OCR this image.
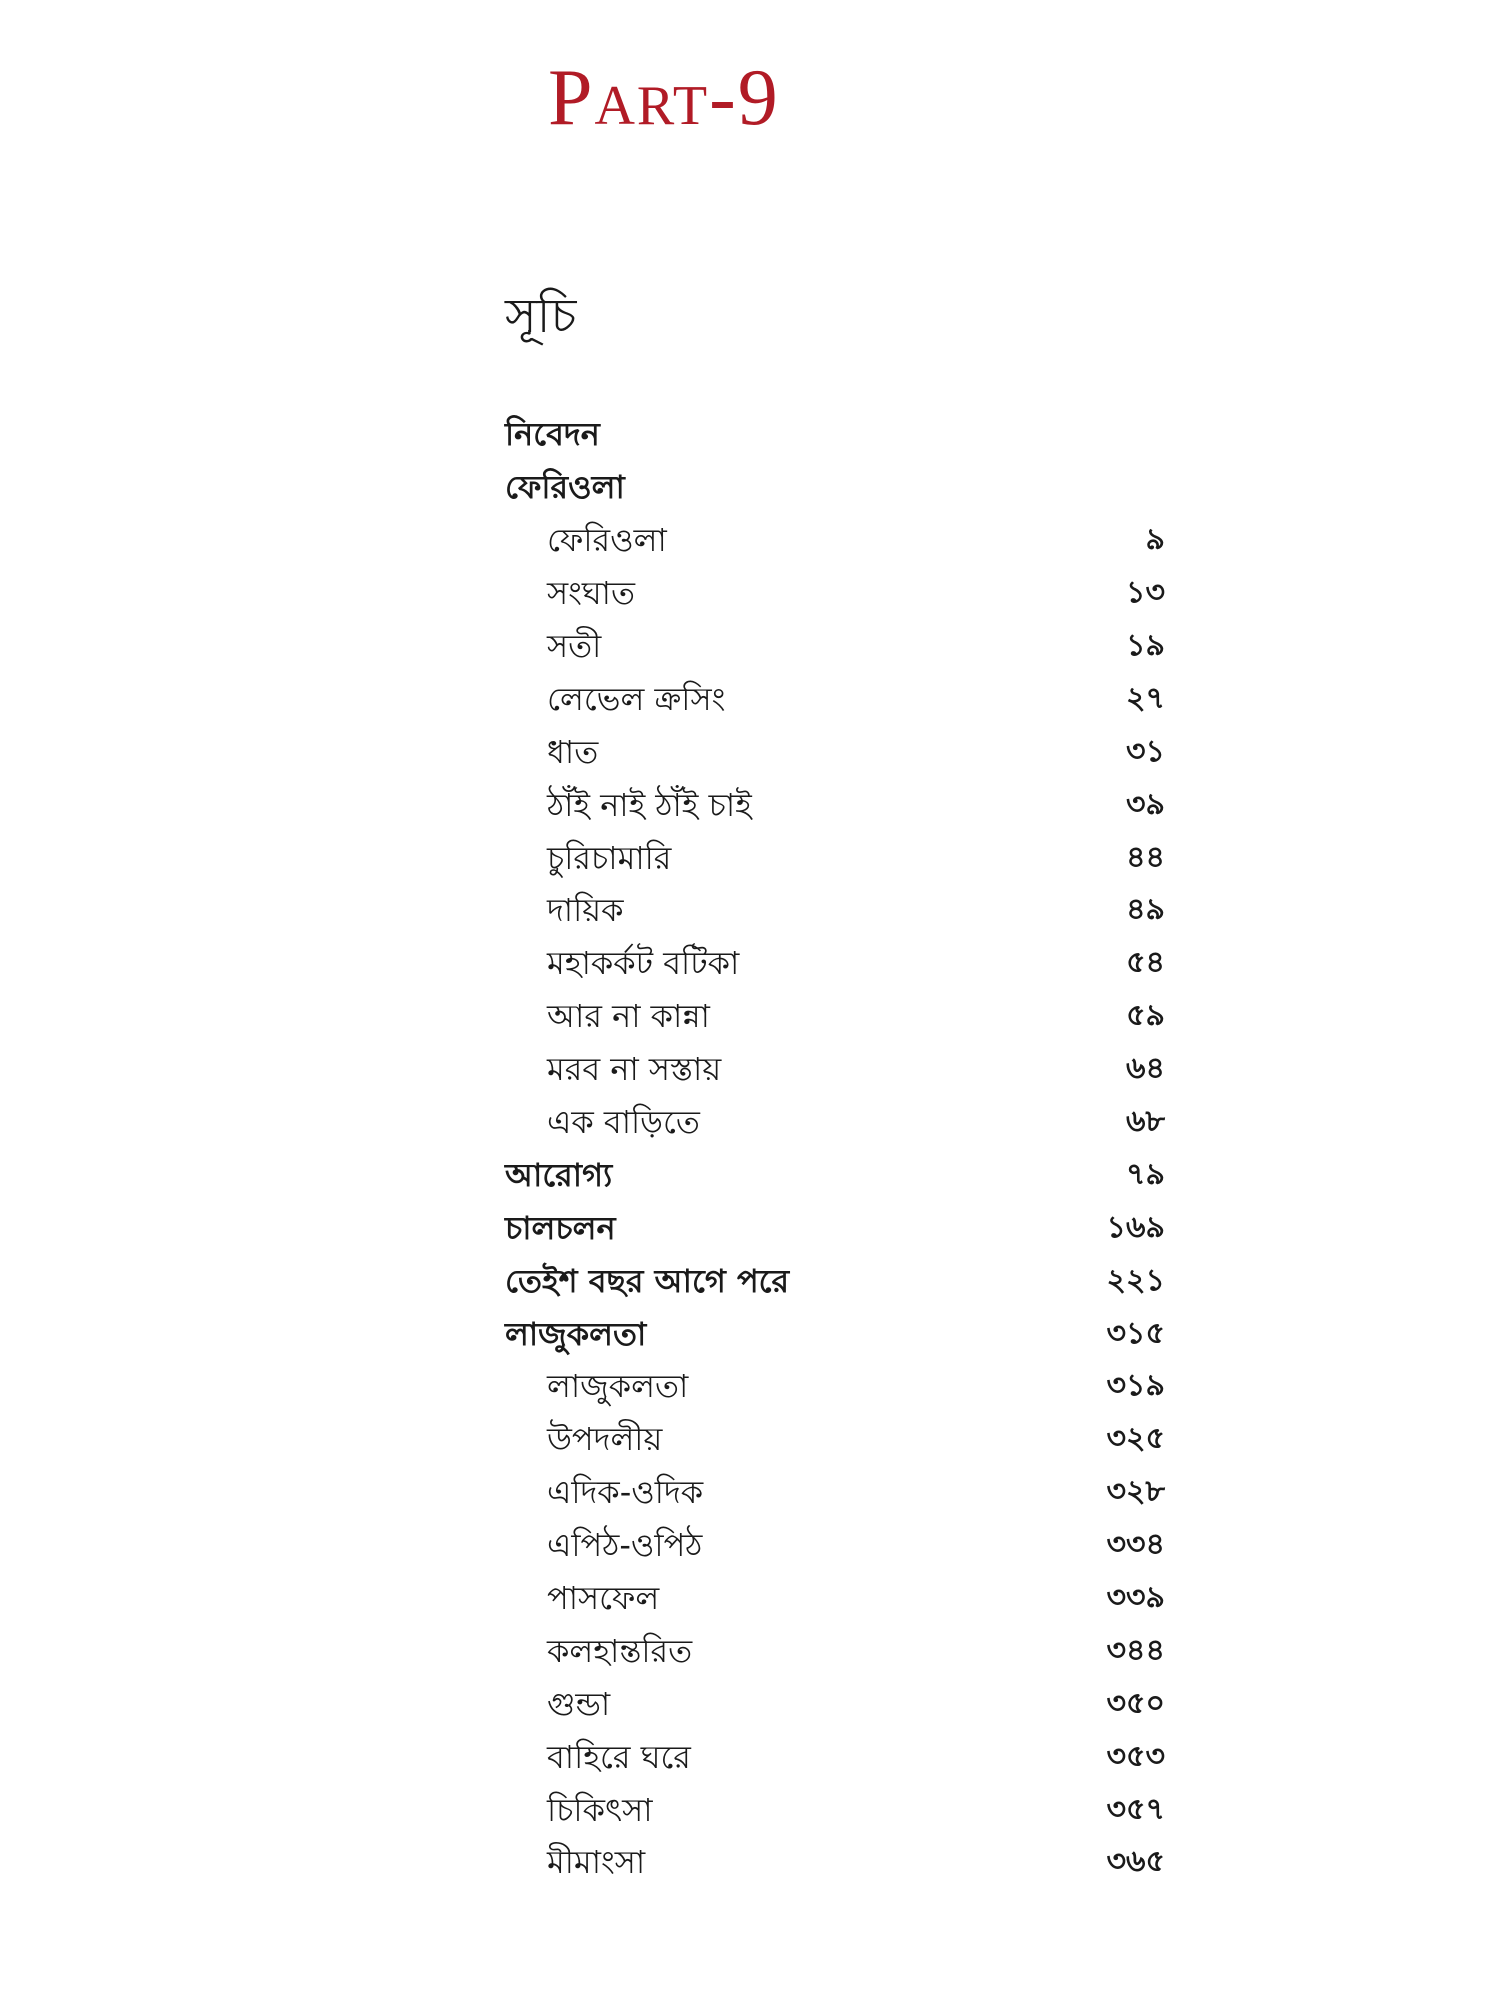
Part-9
সূচি
নিবেদন
ফেরিওলা
ফেরিওলা	৯
সংঘাত	১৩
সতী	১৯
লেভেল ক্রসিং	২৭
ধাত	৩১
ঠাঁই নাই ঠাঁই চাই	৩৯
চুরিচামারি	৪৪
দায়িক	৪৯
মহাকর্কট বটিকা	৫৪
আর না কান্না	৫৯
মরব না সস্তায়	৬৪
এক বাড়িতে	৬৮
আরোগ্য	৭৯
চালচলন	১৬৯
তেইশ বছর আগে পরে	২২১
লাজুকলতা	৩১৫
লাজুকলতা	৩১৯
উপদলীয়	৩২৫
এদিক-ওদিক	৩২৮
এপিঠ-ওপিঠ	৩৩৪
পাসফেল	৩৩৯
কলহান্তরিত	৩৪৪
গুন্ডা	৩৫০
বাহিরে ঘরে	৩৫৩
চিকিৎসা	৩৫৭
মীমাংসা	৩৬৫
